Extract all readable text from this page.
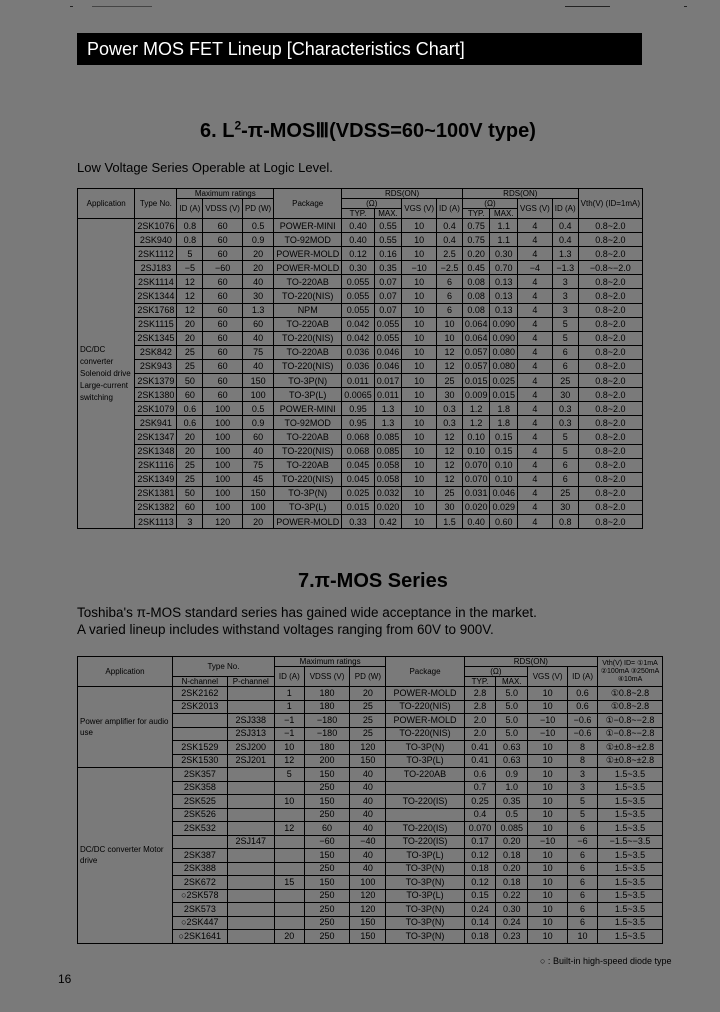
Power MOS FET Lineup [Characteristics Chart]
6. $L^2-\pi-MOSⅢ(VDSS=60\sim 100V$ type)
Low Voltage Series Operable at Logic Level.
Application	Type No.	Maximum ratings			Package	RDS(ON)				RDS(ON)				Vth(V) (ID=1mA)
		ID (A)	VDSS (V)	PD (W)		(Ω)		VGS (V)	ID (A)	(Ω)		VGS (V)	ID (A)	
						TYP.	MAX.			TYP.	MAX.			
DC/DC converter Solenoid drive Large-current switching	2SK1076	0.8	60	0.5	POWER-MINI	0.40	0.55	10	0.4	0.75	1.1	4	0.4	0.8~2.0
	2SK940	0.8	60	0.9	TO-92MOD	0.40	0.55	10	0.4	0.75	1.1	4	0.4	0.8~2.0
	2SK1112	5	60	20	POWER-MOLD	0.12	0.16	10	2.5	0.20	0.30	4	1.3	0.8~2.0
	2SJ183	−5	−60	20	POWER-MOLD	0.30	0.35	−10	−2.5	0.45	0.70	−4	−1.3	−0.8~−2.0
	2SK1114	12	60	40	TO-220AB	0.055	0.07	10	6	0.08	0.13	4	3	0.8~2.0
	2SK1344	12	60	30	TO-220(NIS)	0.055	0.07	10	6	0.08	0.13	4	3	0.8~2.0
	2SK1768	12	60	1.3	NPM	0.055	0.07	10	6	0.08	0.13	4	3	0.8~2.0
	2SK1115	20	60	60	TO-220AB	0.042	0.055	10	10	0.064	0.090	4	5	0.8~2.0
	2SK1345	20	60	40	TO-220(NIS)	0.042	0.055	10	10	0.064	0.090	4	5	0.8~2.0
	2SK842	25	60	75	TO-220AB	0.036	0.046	10	12	0.057	0.080	4	6	0.8~2.0
	2SK943	25	60	40	TO-220(NIS)	0.036	0.046	10	12	0.057	0.080	4	6	0.8~2.0
	2SK1379	50	60	150	TO-3P(N)	0.011	0.017	10	25	0.015	0.025	4	25	0.8~2.0
	2SK1380	60	60	100	TO-3P(L)	0.0065	0.011	10	30	0.009	0.015	4	30	0.8~2.0
	2SK1079	0.6	100	0.5	POWER-MINI	0.95	1.3	10	0.3	1.2	1.8	4	0.3	0.8~2.0
	2SK941	0.6	100	0.9	TO-92MOD	0.95	1.3	10	0.3	1.2	1.8	4	0.3	0.8~2.0
	2SK1347	20	100	60	TO-220AB	0.068	0.085	10	12	0.10	0.15	4	5	0.8~2.0
	2SK1348	20	100	40	TO-220(NIS)	0.068	0.085	10	12	0.10	0.15	4	5	0.8~2.0
	2SK1116	25	100	75	TO-220AB	0.045	0.058	10	12	0.070	0.10	4	6	0.8~2.0
	2SK1349	25	100	45	TO-220(NIS)	0.045	0.058	10	12	0.070	0.10	4	6	0.8~2.0
	2SK1381	50	100	150	TO-3P(N)	0.025	0.032	10	25	0.031	0.046	4	25	0.8~2.0
	2SK1382	60	100	100	TO-3P(L)	0.015	0.020	10	30	0.020	0.029	4	30	0.8~2.0
	2SK1113	3	120	20	POWER-MOLD	0.33	0.42	10	1.5	0.40	0.60	4	0.8	0.8~2.0
7.π-MOS Series
Toshiba's π-MOS standard series has gained wide acceptance in the market.
A varied lineup includes withstand voltages ranging from 60V to 900V.
Application	Type No.		Maximum ratings			Package	RDS(ON)				Vth(V) ID= ①1mA ②100mA ③250mA ④10mA
			ID (A)	VDSS (V)	PD (W)		(Ω)		VGS (V)	ID (A)	
	N-channel	P-channel					TYP.	MAX.			
Power amplifier for audio use	2SK2162		1	180	20	POWER-MOLD	2.8	5.0	10	0.6	①0.8~2.8
	2SK2013		1	180	25	TO-220(NIS)	2.8	5.0	10	0.6	①0.8~2.8
		2SJ338	−1	−180	25	POWER-MOLD	2.0	5.0	−10	−0.6	①−0.8~−2.8
		2SJ313	−1	−180	25	TO-220(NIS)	2.0	5.0	−10	−0.6	①−0.8~−2.8
	2SK1529	2SJ200	10	180	120	TO-3P(N)	0.41	0.63	10	8	①±0.8~±2.8
	2SK1530	2SJ201	12	200	150	TO-3P(L)	0.41	0.63	10	8	①±0.8~±2.8
DC/DC converter Motor drive	2SK357		5	150	40	TO-220AB	0.6	0.9	10	3	1.5~3.5
	2SK358			250	40		0.7	1.0	10	3	1.5~3.5
	2SK525		10	150	40	TO-220(IS)	0.25	0.35	10	5	1.5~3.5
	2SK526			250	40		0.4	0.5	10	5	1.5~3.5
	2SK532		12	60	40	TO-220(IS)	0.070	0.085	10	6	1.5~3.5
		2SJ147		−60	−40	TO-220(IS)	0.17	0.20	−10	−6	−1.5~−3.5
	2SK387			150	40	TO-3P(L)	0.12	0.18	10	6	1.5~3.5
	2SK388			250	40	TO-3P(N)	0.18	0.20	10	6	1.5~3.5
	2SK672		15	150	100	TO-3P(N)	0.12	0.18	10	6	1.5~3.5
	○2SK578			250	120	TO-3P(L)	0.15	0.22	10	6	1.5~3.5
	2SK573			250	120	TO-3P(N)	0.24	0.30	10	6	1.5~3.5
	○2SK447			250	150	TO-3P(N)	0.14	0.24	10	6	1.5~3.5
	○2SK1641		20	250	150	TO-3P(N)	0.18	0.23	10	10	1.5~3.5
○ : Built-in high-speed diode type
16
